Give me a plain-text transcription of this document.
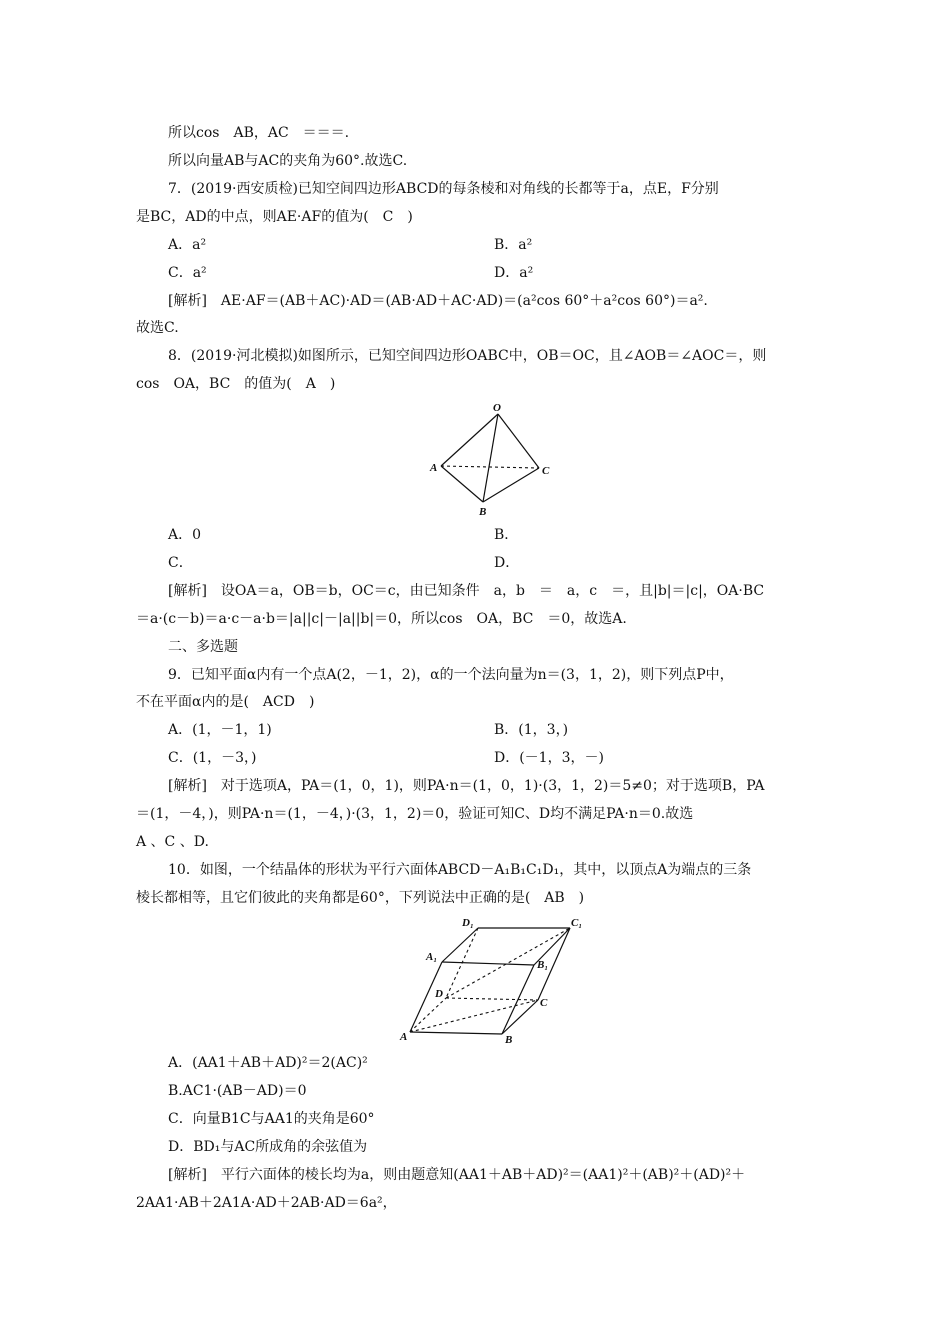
所以cos　AB，AC　＝＝＝.
所以向量AB与AC的夹角为60°.故选C.
7．(2019·西安质检)已知空间四边形ABCD的每条棱和对角线的长都等于a，点E，F分别
是BC，AD的中点，则AE·AF的值为(　C　)
A．a²	B．a²
C．a²	D．a²
[解析]　AE·AF＝(AB＋AC)·AD＝(AB·AD＋AC·AD)＝(a²cos 60°＋a²cos 60°)＝a².
故选C.
8．(2019·河北模拟)如图所示，已知空间四边形OABC中，OB＝OC，且∠AOB＝∠AOC＝，则
cos　OA，BC　的值为(　A　)
O
A	C
B
A．0	B．
C．	D．
[解析]　设OA＝a，OB＝b，OC＝c，由已知条件　a，b　＝　a，c　＝，且|b|＝|c|，OA·BC
＝a·(c－b)＝a·c－a·b＝|a||c|－|a||b|＝0，所以cos　OA，BC　＝0，故选A.
二、多选题
9．已知平面α内有一个点A(2，－1，2)，α的一个法向量为n＝(3，1，2)，则下列点P中，
不在平面α内的是(　ACD　)
A．(1，－1，1)	B．(1，3，)
C．(1，－3，)	D．(－1，3，－)
[解析]　对于选项A，PA＝(1，0，1)，则PA·n＝(1，0，1)·(3，1，2)＝5≠0；对于选项B，PA
＝(1，－4，)，则PA·n＝(1，－4，)·(3，1，2)＝0，验证可知C、D均不满足PA·n＝0.故选
A 、C 、D.
10．如图，一个结晶体的形状为平行六面体ABCD－A₁B₁C₁D₁，其中，以顶点A为端点的三条
棱长都相等，且它们彼此的夹角都是60°，下列说法中正确的是(　AB　)
D₁	C₁
A₁
B₁
D
C
A	B
A．(AA1＋AB＋AD)²＝2(AC)²
B.AC1·(AB－AD)＝0
C．向量B1C与AA1的夹角是60°
D．BD₁与AC所成角的余弦值为
[解析]　平行六面体的棱长均为a，则由题意知(AA1＋AB＋AD)²＝(AA1)²＋(AB)²＋(AD)²＋
2AA1·AB＋2A1A·AD＋2AB·AD＝6a²，
